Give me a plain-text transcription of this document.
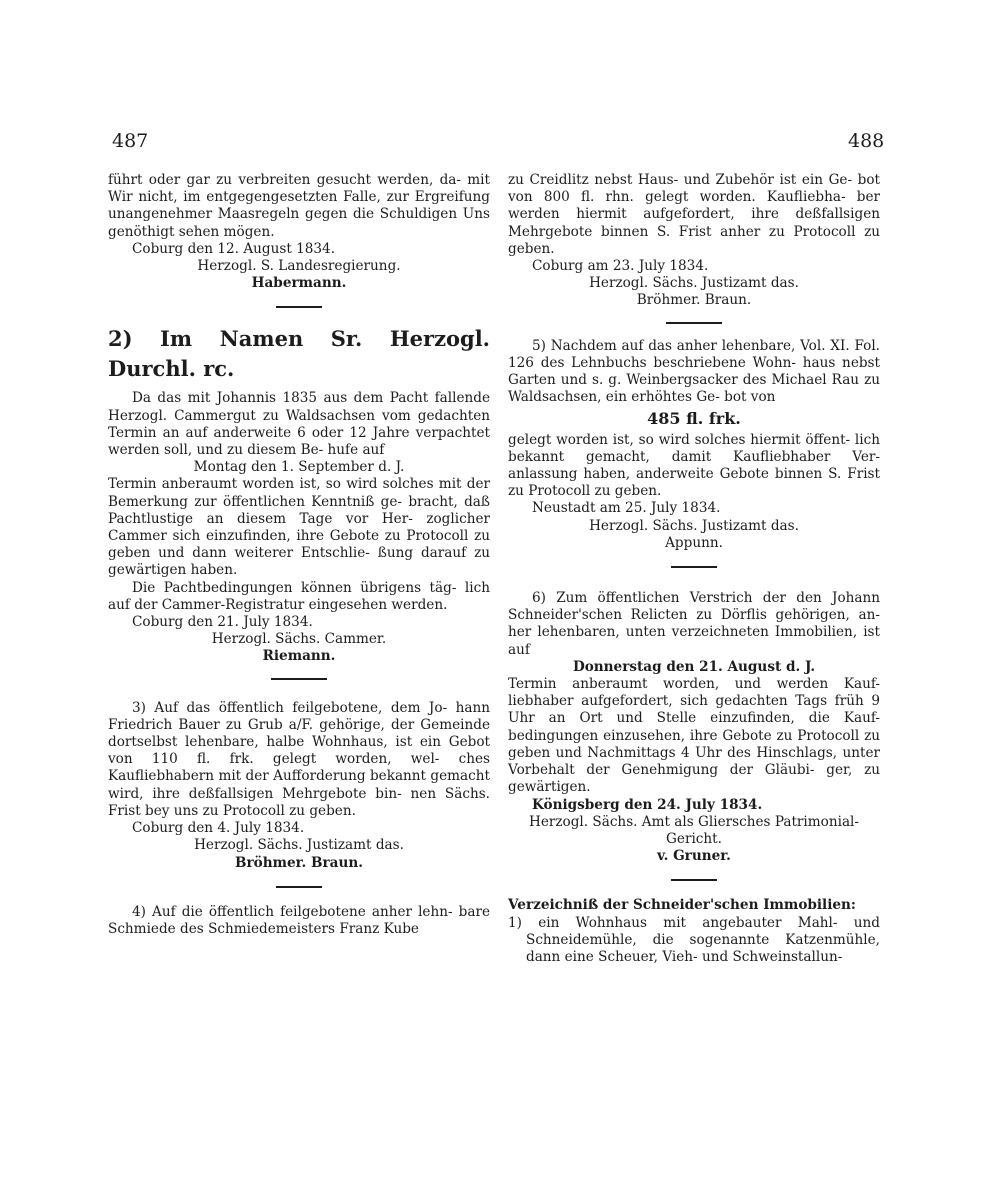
487	488

führt oder gar zu verbreiten gesucht werden, da- mit Wir nicht, im entgegengesetzten Falle, zur Ergreifung unangenehmer Maasregeln gegen die Schuldigen Uns genöthigt sehen mögen.

Coburg den 12. August 1834.

Herzogl. S. Landesregierung.

Habermann.

2) Im Namen Sr. Herzogl. Durchl. rc.

Da das mit Johannis 1835 aus dem Pacht fallende Herzogl. Cammergut zu Waldsachsen vom gedachten Termin an auf anderweite 6 oder 12 Jahre verpachtet werden soll, und zu diesem Be- hufe auf

Montag den 1. September d. J.

Termin anberaumt worden ist, so wird solches mit der Bemerkung zur öffentlichen Kenntniß ge- bracht, daß Pachtlustige an diesem Tage vor Her- zoglicher Cammer sich einzufinden, ihre Gebote zu Protocoll zu geben und dann weiterer Entschlie- ßung darauf zu gewärtigen haben.

Die Pachtbedingungen können übrigens täg- lich auf der Cammer-Registratur eingesehen werden.

Coburg den 21. July 1834.

Herzogl. Sächs. Cammer.

Riemann.

3) Auf das öffentlich feilgebotene, dem Jo- hann Friedrich Bauer zu Grub a/F. gehörige, der Gemeinde dortselbst lehenbare, halbe Wohnhaus, ist ein Gebot von 110 fl. frk. gelegt worden, wel- ches Kaufliebhabern mit der Aufforderung bekannt gemacht wird, ihre deßfallsigen Mehrgebote bin- nen Sächs. Frist bey uns zu Protocoll zu geben.

Coburg den 4. July 1834.

Herzogl. Sächs. Justizamt das.

Bröhmer. Braun.

4) Auf die öffentlich feilgebotene anher lehn- bare Schmiede des Schmiedemeisters Franz Kube

zu Creidlitz nebst Haus- und Zubehör ist ein Ge- bot von 800 fl. rhn. gelegt worden. Kaufliebha- ber werden hiermit aufgefordert, ihre deßfallsigen Mehrgebote binnen S. Frist anher zu Protocoll zu geben.

Coburg am 23. July 1834.

Herzogl. Sächs. Justizamt das.

Bröhmer. Braun.

5) Nachdem auf das anher lehenbare, Vol. XI. Fol. 126 des Lehnbuchs beschriebene Wohn- haus nebst Garten und s. g. Weinbergsacker des Michael Rau zu Waldsachsen, ein erhöhtes Ge- bot von

485 fl. frk.

gelegt worden ist, so wird solches hiermit öffent- lich bekannt gemacht, damit Kaufliebhaber Ver- anlassung haben, anderweite Gebote binnen S. Frist zu Protocoll zu geben.

Neustadt am 25. July 1834.

Herzogl. Sächs. Justizamt das.

Appunn.

6) Zum öffentlichen Verstrich der den Johann Schneider'schen Relicten zu Dörflis gehörigen, an- her lehenbaren, unten verzeichneten Immobilien, ist auf

Donnerstag den 21. August d. J.

Termin anberaumt worden, und werden Kauf- liebhaber aufgefordert, sich gedachten Tags früh 9 Uhr an Ort und Stelle einzufinden, die Kauf- bedingungen einzusehen, ihre Gebote zu Protocoll zu geben und Nachmittags 4 Uhr des Hinschlags, unter Vorbehalt der Genehmigung der Gläubi- ger, zu gewärtigen.

Königsberg den 24. July 1834.

Herzogl. Sächs. Amt als Gliersches Patrimonial- Gericht.

v. Gruner.

Verzeichniß der Schneider'schen Immobilien:

1) ein Wohnhaus mit angebauter Mahl- und Schneidemühle, die sogenannte Katzenmühle, dann eine Scheuer, Vieh- und Schweinstallun-
